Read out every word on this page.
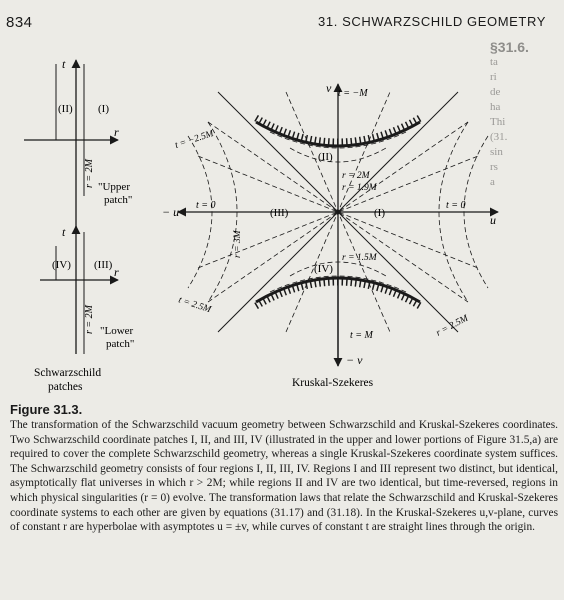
834	31. SCHWARZSCHILD GEOMETRY
§31.6.
ta
ri
de
ha
Thi
(31.
sin
rs
a
t
r
(II) (I)
r = 2M "Upper
patch"
t
r
(IV) (III)
r = 2M "Lower
patch"
Schwarzschild
patches
v
− v
u
− u	(I)
(II)
(III)
(IV)
t = 0	t = 0
t = −M
t = M
t = −2.5M
t = 2.5M
r = 2M
r = 1.9M
r = 1.5M
r = 2.5M
r = 3M
Kruskal-Szekeres
Figure 31.3.
The transformation of the Schwarzschild vacuum geometry between Schwarzschild and Kruskal-Szekeres coordinates. Two Schwarzschild coordinate patches I, II, and III, IV (illustrated in the upper and lower portions of Figure 31.5,a) are required to cover the complete Schwarzschild geometry, whereas a single Kruskal-Szekeres coordinate system suffices. The Schwarzschild geometry consists of four regions I, II, III, IV. Regions I and III represent two distinct, but identical, asymptotically flat universes in which r > 2M; while regions II and IV are two identical, but time-reversed, regions in which physical singularities (r = 0) evolve. The transformation laws that relate the Schwarzschild and Kruskal-Szekeres coordinate systems to each other are given by equations (31.17) and (31.18). In the Kruskal-Szekeres u,v-plane, curves of constant r are hyperbolae with asymptotes u = ±v, while curves of constant t are straight lines through the origin.
